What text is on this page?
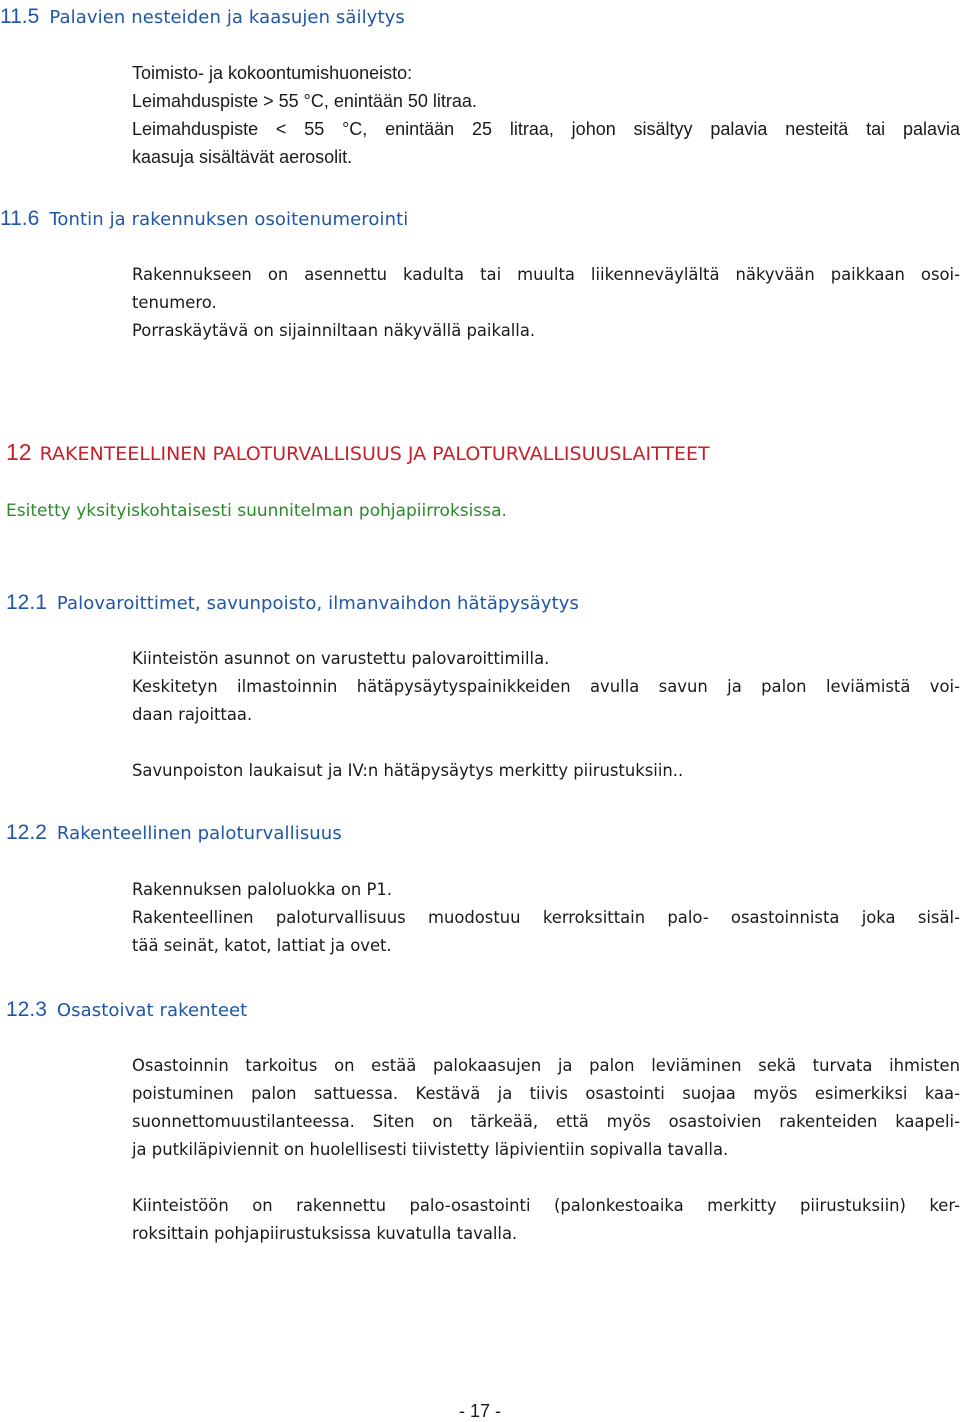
11.5 Palavien nesteiden ja kaasujen säilytys
Toimisto- ja kokoontumishuoneisto:
Leimahduspiste > 55 °C, enintään 50 litraa.
Leimahduspiste < 55 °C, enintään 25 litraa, johon sisältyy palavia nesteitä tai palavia
kaasuja sisältävät aerosolit.
11.6 Tontin ja rakennuksen osoitenumerointi
Rakennukseen on asennettu kadulta tai muulta liikenneväylältä näkyvään paikkaan osoi-
tenumero.
Porraskäytävä on sijainniltaan näkyvällä paikalla.
12 RAKENTEELLINEN PALOTURVALLISUUS JA PALOTURVALLISUUSLAITTEET
Esitetty yksityiskohtaisesti suunnitelman pohjapiirroksissa.
12.1 Palovaroittimet, savunpoisto, ilmanvaihdon hätäpysäytys
Kiinteistön asunnot on varustettu palovaroittimilla.
Keskitetyn ilmastoinnin hätäpysäytyspainikkeiden avulla savun ja palon leviämistä voi-
daan rajoittaa.
Savunpoiston laukaisut ja IV:n hätäpysäytys merkitty piirustuksiin..
12.2 Rakenteellinen paloturvallisuus
Rakennuksen paloluokka on P1.
Rakenteellinen paloturvallisuus muodostuu kerroksittain palo- osastoinnista joka sisäl-
tää seinät, katot, lattiat ja ovet.
12.3 Osastoivat rakenteet
Osastoinnin tarkoitus on estää palokaasujen ja palon leviäminen sekä turvata ihmisten
poistuminen palon sattuessa. Kestävä ja tiivis osastointi suojaa myös esimerkiksi kaa-
suonnettomuustilanteessa. Siten on tärkeää, että myös osastoivien rakenteiden kaapeli-
ja putkiläpiviennit on huolellisesti tiivistetty läpivientiin sopivalla tavalla.
Kiinteistöön on rakennettu palo-osastointi (palonkestoaika merkitty piirustuksiin) ker-
roksittain pohjapiirustuksissa kuvatulla tavalla.
- 17 -
